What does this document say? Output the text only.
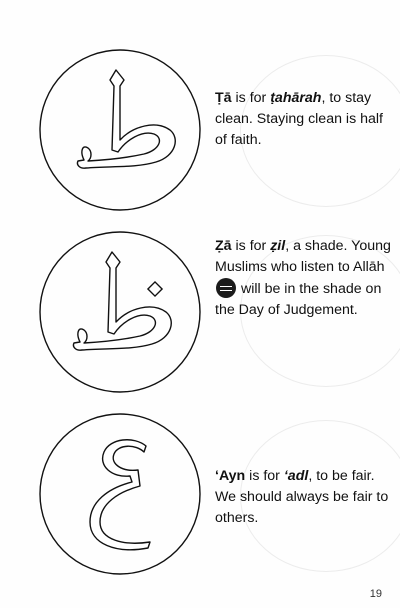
Ṭā is for ṭahārah, to stay clean. Staying clean is half of faith.
Ẓā is for ẓil, a shade. Young Muslims who listen to Allāh  will be in the shade on the Day of Judgement.
‘Ayn is for ‘adl, to be fair. We should always be fair to others.
19
